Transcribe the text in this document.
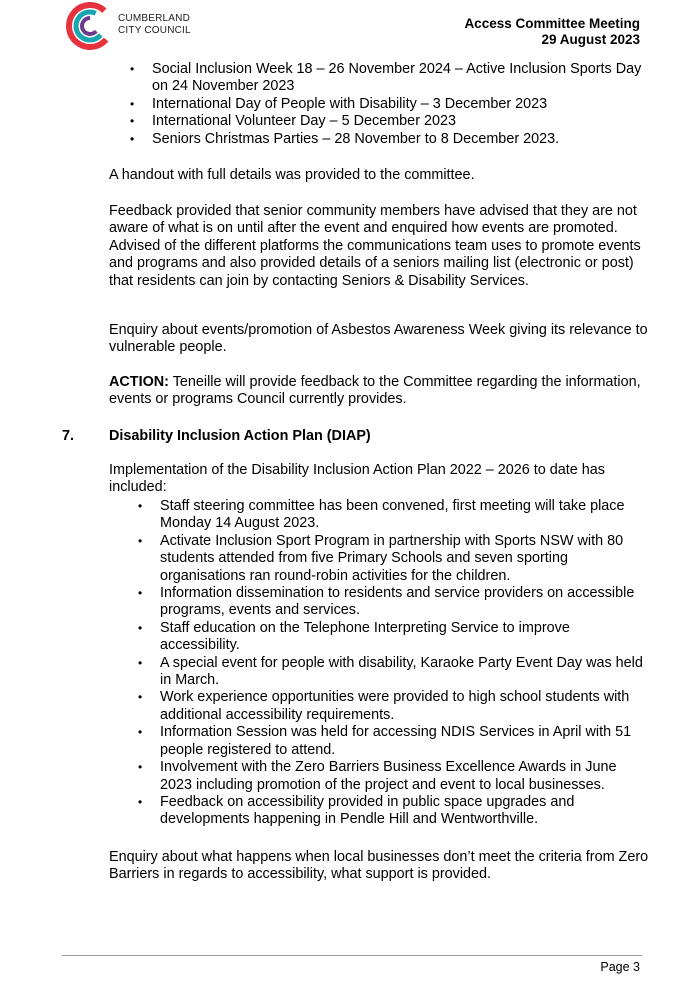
CUMBERLAND
CITY COUNCIL	Access Committee Meeting
29 August 2023
• Social Inclusion Week 18 – 26 November 2024 – Active Inclusion Sports Day on 24 November 2023
• International Day of People with Disability – 3 December 2023
• International Volunteer Day – 5 December 2023
• Seniors Christmas Parties – 28 November to 8 December 2023.

A handout with full details was provided to the committee.

Feedback provided that senior community members have advised that they are not aware of what is on until after the event and enquired how events are promoted. Advised of the different platforms the communications team uses to promote events and programs and also provided details of a seniors mailing list (electronic or post) that residents can join by contacting Seniors & Disability Services.

Enquiry about events/promotion of Asbestos Awareness Week giving its relevance to vulnerable people.

ACTION: Teneille will provide feedback to the Committee regarding the information, events or programs Council currently provides.

7. Disability Inclusion Action Plan (DIAP)

Implementation of the Disability Inclusion Action Plan 2022 – 2026 to date has included:

• Staff steering committee has been convened, first meeting will take place Monday 14 August 2023.
• Activate Inclusion Sport Program in partnership with Sports NSW with 80 students attended from five Primary Schools and seven sporting organisations ran round-robin activities for the children.
• Information dissemination to residents and service providers on accessible programs, events and services.
• Staff education on the Telephone Interpreting Service to improve accessibility.
• A special event for people with disability, Karaoke Party Event Day was held in March.
• Work experience opportunities were provided to high school students with additional accessibility requirements.
• Information Session was held for accessing NDIS Services in April with 51 people registered to attend.
• Involvement with the Zero Barriers Business Excellence Awards in June 2023 including promotion of the project and event to local businesses.
• Feedback on accessibility provided in public space upgrades and developments happening in Pendle Hill and Wentworthville.

Enquiry about what happens when local businesses don’t meet the criteria from Zero Barriers in regards to accessibility, what support is provided.

Page 3
